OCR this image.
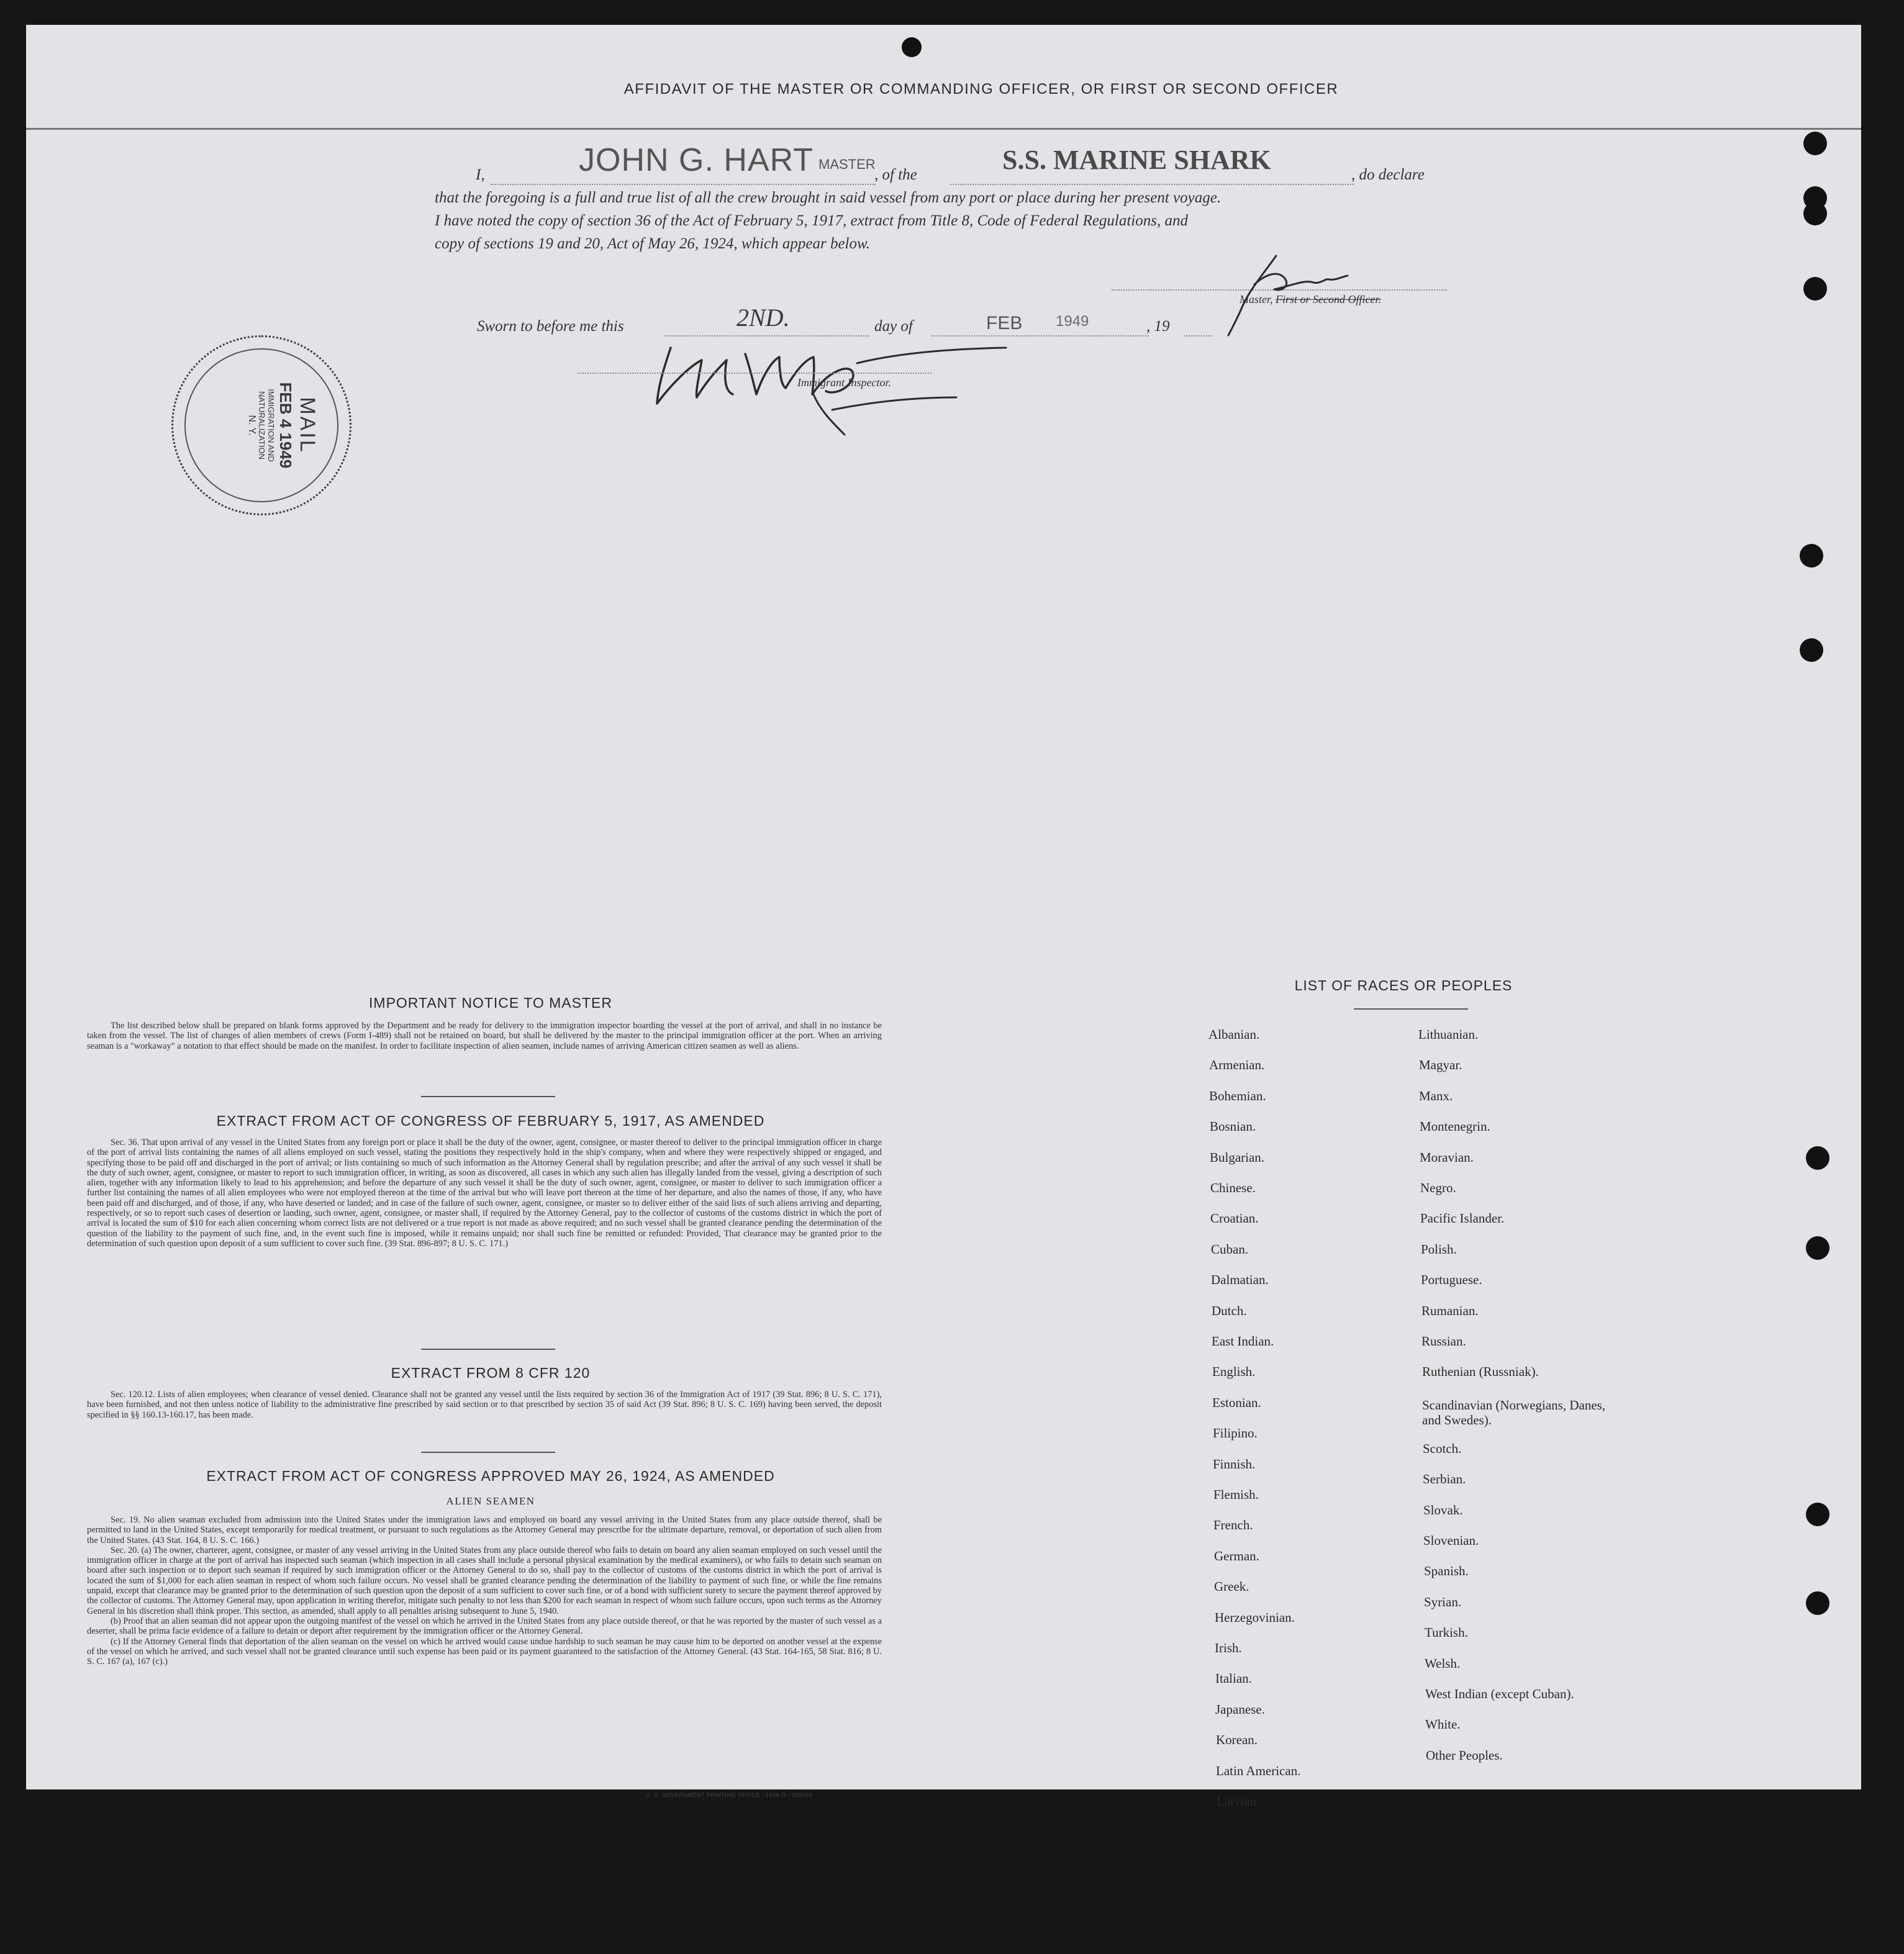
AFFIDAVIT OF THE MASTER OR COMMANDING OFFICER, OR FIRST OR SECOND OFFICER
I,	JOHN G. HART MASTER
, of the	S.S. MARINE SHARK	, do declare
that the foregoing is a full and true list of all the crew brought in said vessel from any port or place during her present voyage.
I have noted the copy of section 36 of the Act of February 5, 1917, extract from Title 8, Code of Federal Regulations, and
copy of sections 19 and 20, Act of May 26, 1924, which appear below.
Master, First or Second Officer.
Sworn to before me this	2ND.	day of	FEB 1949	, 19
Immigrant Inspector.
MAIL
FEB 4 1949
IMMIGRATION AND
NATURALIZATION
N. Y.
IMPORTANT NOTICE TO MASTER

The list described below shall be prepared on blank forms approved by the Department and be ready for delivery to the immigration inspector boarding the vessel at the port of arrival, and shall in no instance be taken from the vessel. The list of changes of alien members of crews (Form I-489) shall not be retained on board, but shall be delivered by the master to the principal immigration officer at the port. When an arriving seaman is a "workaway" a notation to that effect should be made on the manifest. In order to facilitate inspection of alien seamen, include names of arriving American citizen seamen as well as aliens.

EXTRACT FROM ACT OF CONGRESS OF FEBRUARY 5, 1917, AS AMENDED

Sec. 36. That upon arrival of any vessel in the United States from any foreign port or place it shall be the duty of the owner, agent, consignee, or master thereof to deliver to the principal immigration officer in charge of the port of arrival lists containing the names of all aliens employed on such vessel, stating the positions they respectively hold in the ship's company, when and where they were respectively shipped or engaged, and specifying those to be paid off and discharged in the port of arrival; or lists containing so much of such information as the Attorney General shall by regulation prescribe; and after the arrival of any such vessel it shall be the duty of such owner, agent, consignee, or master to report to such immigration officer, in writing, as soon as discovered, all cases in which any such alien has illegally landed from the vessel, giving a description of such alien, together with any information likely to lead to his apprehension; and before the departure of any such vessel it shall be the duty of such owner, agent, consignee, or master to deliver to such immigration officer a further list containing the names of all alien employees who were not employed thereon at the time of the arrival but who will leave port thereon at the time of her departure, and also the names of those, if any, who have been paid off and discharged, and of those, if any, who have deserted or landed; and in case of the failure of such owner, agent, consignee, or master so to deliver either of the said lists of such aliens arriving and departing, respectively, or so to report such cases of desertion or landing, such owner, agent, consignee, or master shall, if required by the Attorney General, pay to the collector of customs of the customs district in which the port of arrival is located the sum of $10 for each alien concerning whom correct lists are not delivered or a true report is not made as above required; and no such vessel shall be granted clearance pending the determination of the question of the liability to the payment of such fine, and, in the event such fine is imposed, while it remains unpaid; nor shall such fine be remitted or refunded: Provided, That clearance may be granted prior to the determination of such question upon deposit of a sum sufficient to cover such fine. (39 Stat. 896-897; 8 U. S. C. 171.)

EXTRACT FROM 8 CFR 120

Sec. 120.12. Lists of alien employees; when clearance of vessel denied. Clearance shall not be granted any vessel until the lists required by section 36 of the Immigration Act of 1917 (39 Stat. 896; 8 U. S. C. 171), have been furnished, and not then unless notice of liability to the administrative fine prescribed by said section or to that prescribed by section 35 of said Act (39 Stat. 896; 8 U. S. C. 169) having been served, the deposit specified in §§ 160.13-160.17, has been made.

EXTRACT FROM ACT OF CONGRESS APPROVED MAY 26, 1924, AS AMENDED
ALIEN SEAMEN

Sec. 19. No alien seaman excluded from admission into the United States under the immigration laws and employed on board any vessel arriving in the United States from any place outside thereof, shall be permitted to land in the United States, except temporarily for medical treatment, or pursuant to such regulations as the Attorney General may prescribe for the ultimate departure, removal, or deportation of such alien from the United States. (43 Stat. 164, 8 U. S. C. 166.)

Sec. 20. (a) The owner, charterer, agent, consignee, or master of any vessel arriving in the United States from any place outside thereof who fails to detain on board any alien seaman employed on such vessel until the immigration officer in charge at the port of arrival has inspected such seaman (which inspection in all cases shall include a personal physical examination by the medical examiners), or who fails to detain such seaman on board after such inspection or to deport such seaman if required by such immigration officer or the Attorney General to do so, shall pay to the collector of customs of the customs district in which the port of arrival is located the sum of $1,000 for each alien seaman in respect of whom such failure occurs. No vessel shall be granted clearance pending the determination of the liability to payment of such fine, or while the fine remains unpaid, except that clearance may be granted prior to the determination of such question upon the deposit of a sum sufficient to cover such fine, or of a bond with sufficient surety to secure the payment thereof approved by the collector of customs. The Attorney General may, upon application in writing therefor, mitigate such penalty to not less than $200 for each seaman in respect of whom such failure occurs, upon such terms as the Attorney General in his discretion shall think proper. This section, as amended, shall apply to all penalties arising subsequent to June 5, 1940.

(b) Proof that an alien seaman did not appear upon the outgoing manifest of the vessel on which he arrived in the United States from any place outside thereof, or that he was reported by the master of such vessel as a deserter, shall be prima facie evidence of a failure to detain or deport after requirement by the immigration officer or the Attorney General.

(c) If the Attorney General finds that deportation of the alien seaman on the vessel on which he arrived would cause undue hardship to such seaman he may cause him to be deported on another vessel at the expense of the vessel on which he arrived, and such vessel shall not be granted clearance until such expense has been paid or its payment guaranteed to the satisfaction of the Attorney General. (43 Stat. 164-165, 58 Stat. 816; 8 U. S. C. 167 (a), 167 (c).)

U. S. GOVERNMENT PRINTING OFFICE : 1946 O - 559069
LIST OF RACES OR PEOPLES
Albanian.
Armenian.
Bohemian.
Bosnian.
Bulgarian.
Chinese.
Croatian.
Cuban.
Dalmatian.
Dutch.
East Indian.
English.
Estonian.
Filipino.
Finnish.
Flemish.
French.
German.
Greek.
Herzegovinian.
Irish.
Italian.
Japanese.
Korean.
Latin American.
Latvian.
Lithuanian.
Magyar.
Manx.
Montenegrin.
Moravian.
Negro.
Pacific Islander.
Polish.
Portuguese.
Rumanian.
Russian.
Ruthenian (Russniak).
Scandinavian (Norwegians, Danes, and Swedes).
Scotch.
Serbian.
Slovak.
Slovenian.
Spanish.
Syrian.
Turkish.
Welsh.
West Indian (except Cuban).
White.
Other Peoples.
